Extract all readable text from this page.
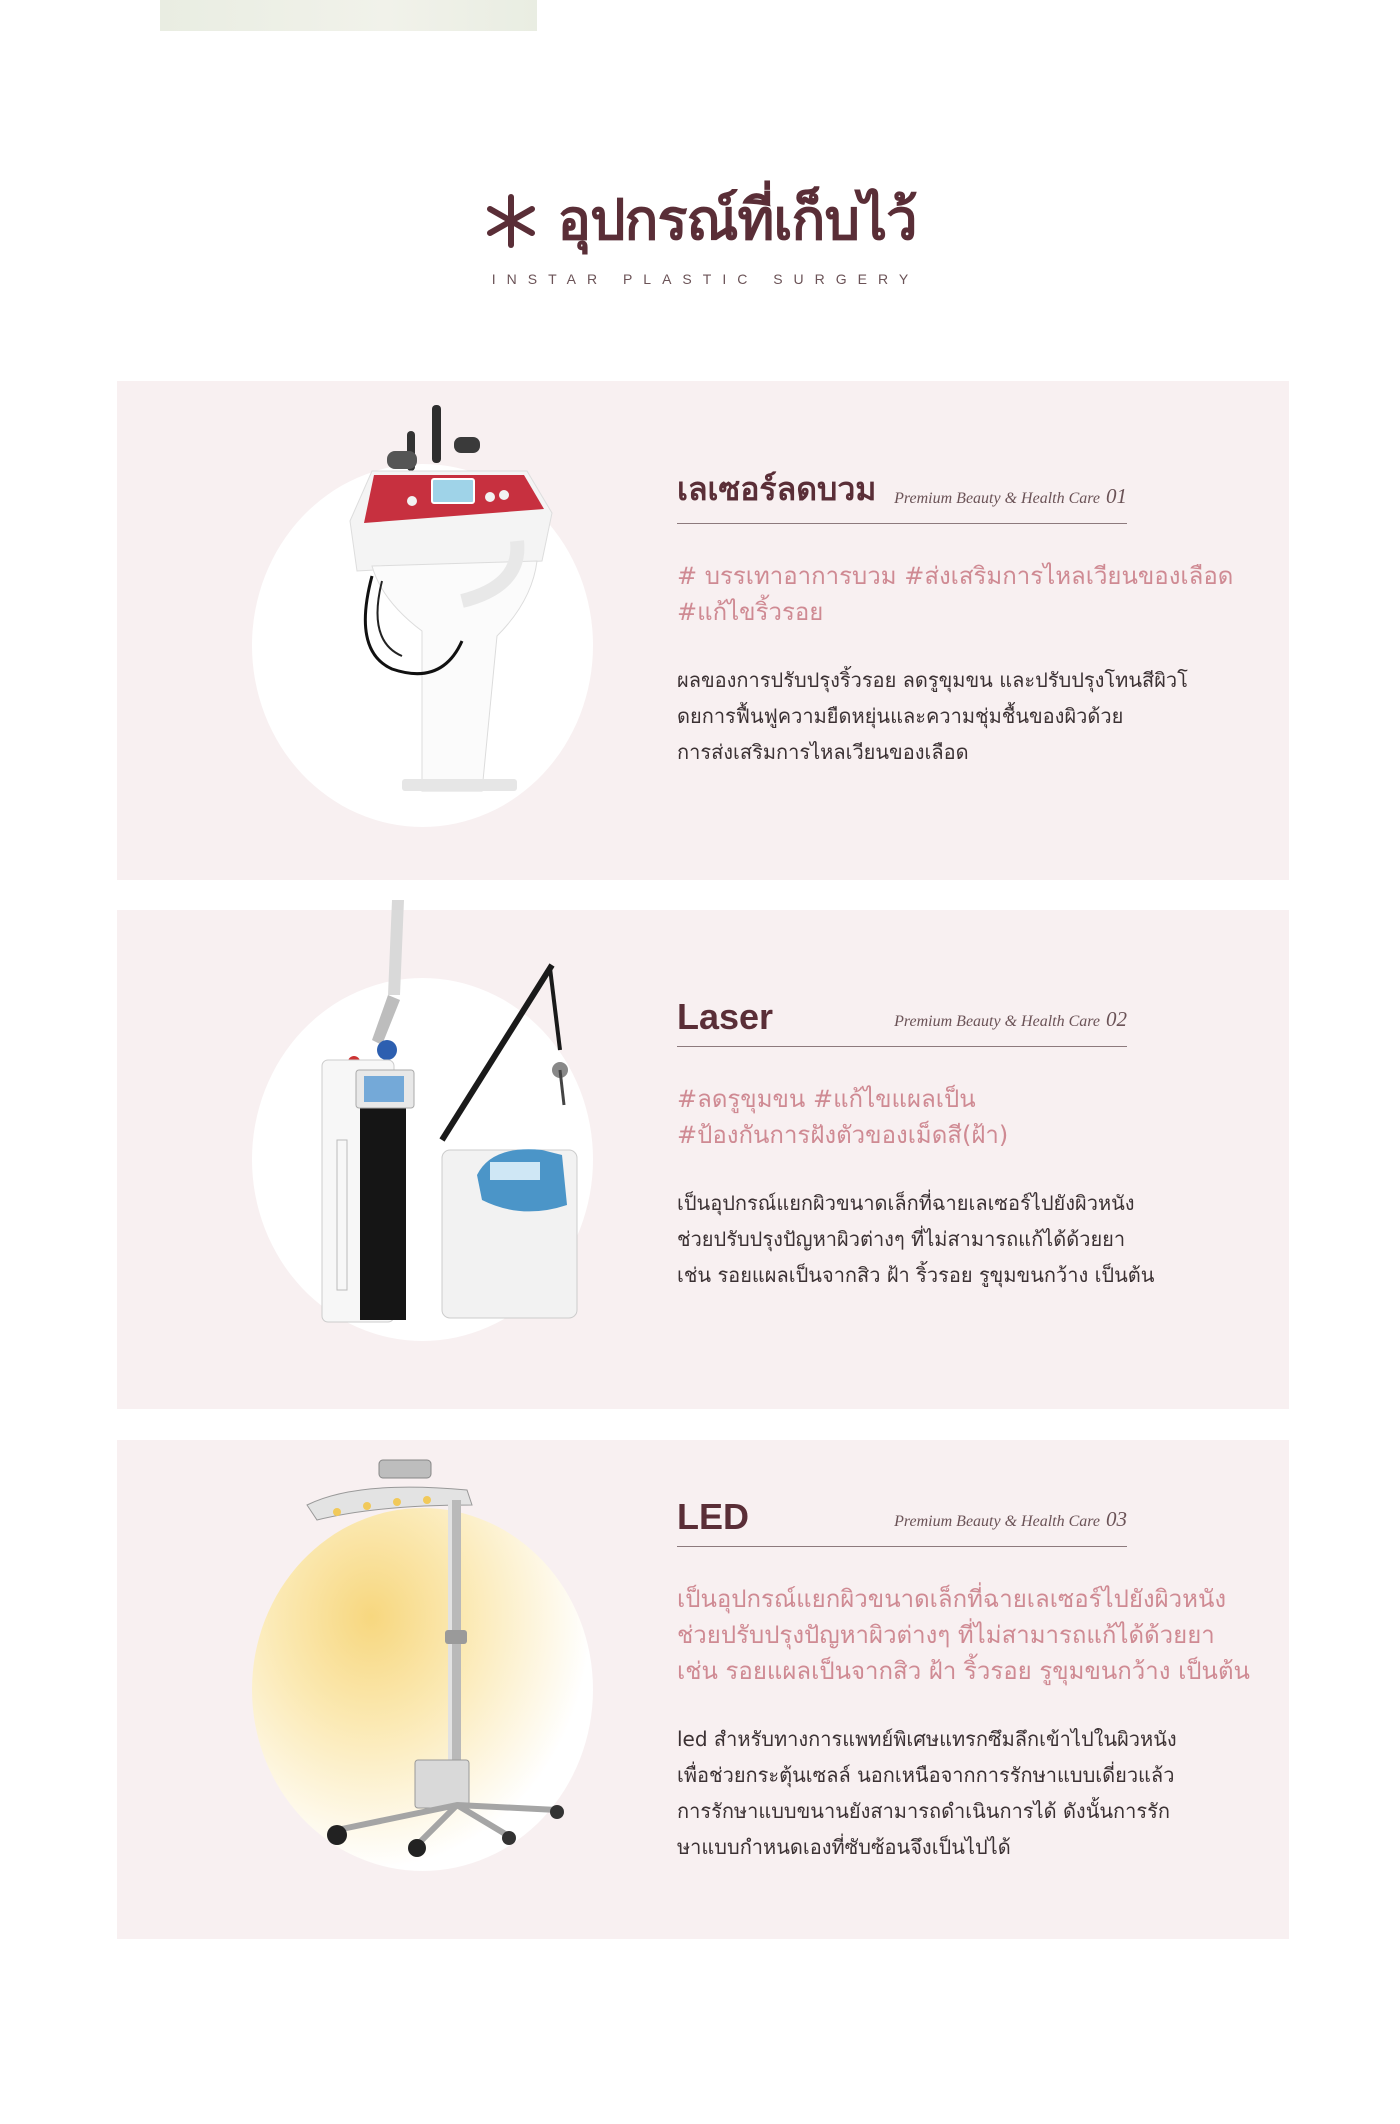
อุปกรณ์ที่เก็บไว้
INSTAR PLASTIC SURGERY
เลเซอร์ลดบวม Premium Beauty & Health Care 01
# บรรเทาอาการบวม #ส่งเสริมการไหลเวียนของเลือด
#แก้ไขริ้วรอย
ผลของการปรับปรุงริ้วรอย ลดรูขุมขน และปรับปรุงโทนสีผิวโ
ดยการฟื้นฟูความยืดหยุ่นและความชุ่มชื้นของผิวด้วย
การส่งเสริมการไหลเวียนของเลือด
Laser	Premium Beauty & Health Care 02
#ลดรูขุมขน #แก้ไขแผลเป็น
#ป้องกันการฝังตัวของเม็ดสี(ฝ้า)
เป็นอุปกรณ์แยกผิวขนาดเล็กที่ฉายเลเซอร์ไปยังผิวหนัง
ช่วยปรับปรุงปัญหาผิวต่างๆ ที่ไม่สามารถแก้ได้ด้วยยา
เช่น รอยแผลเป็นจากสิว ฝ้า ริ้วรอย รูขุมขนกว้าง เป็นต้น
LED	Premium Beauty & Health Care 03
เป็นอุปกรณ์แยกผิวขนาดเล็กที่ฉายเลเซอร์ไปยังผิวหนัง
ช่วยปรับปรุงปัญหาผิวต่างๆ ที่ไม่สามารถแก้ได้ด้วยยา
เช่น รอยแผลเป็นจากสิว ฝ้า ริ้วรอย รูขุมขนกว้าง เป็นต้น
led สำหรับทางการแพทย์พิเศษแทรกซึมลึกเข้าไปในผิวหนัง
เพื่อช่วยกระตุ้นเซลล์ นอกเหนือจากการรักษาแบบเดี่ยวแล้ว
การรักษาแบบขนานยังสามารถดำเนินการได้ ดังนั้นการรัก
ษาแบบกำหนดเองที่ซับซ้อนจึงเป็นไปได้
